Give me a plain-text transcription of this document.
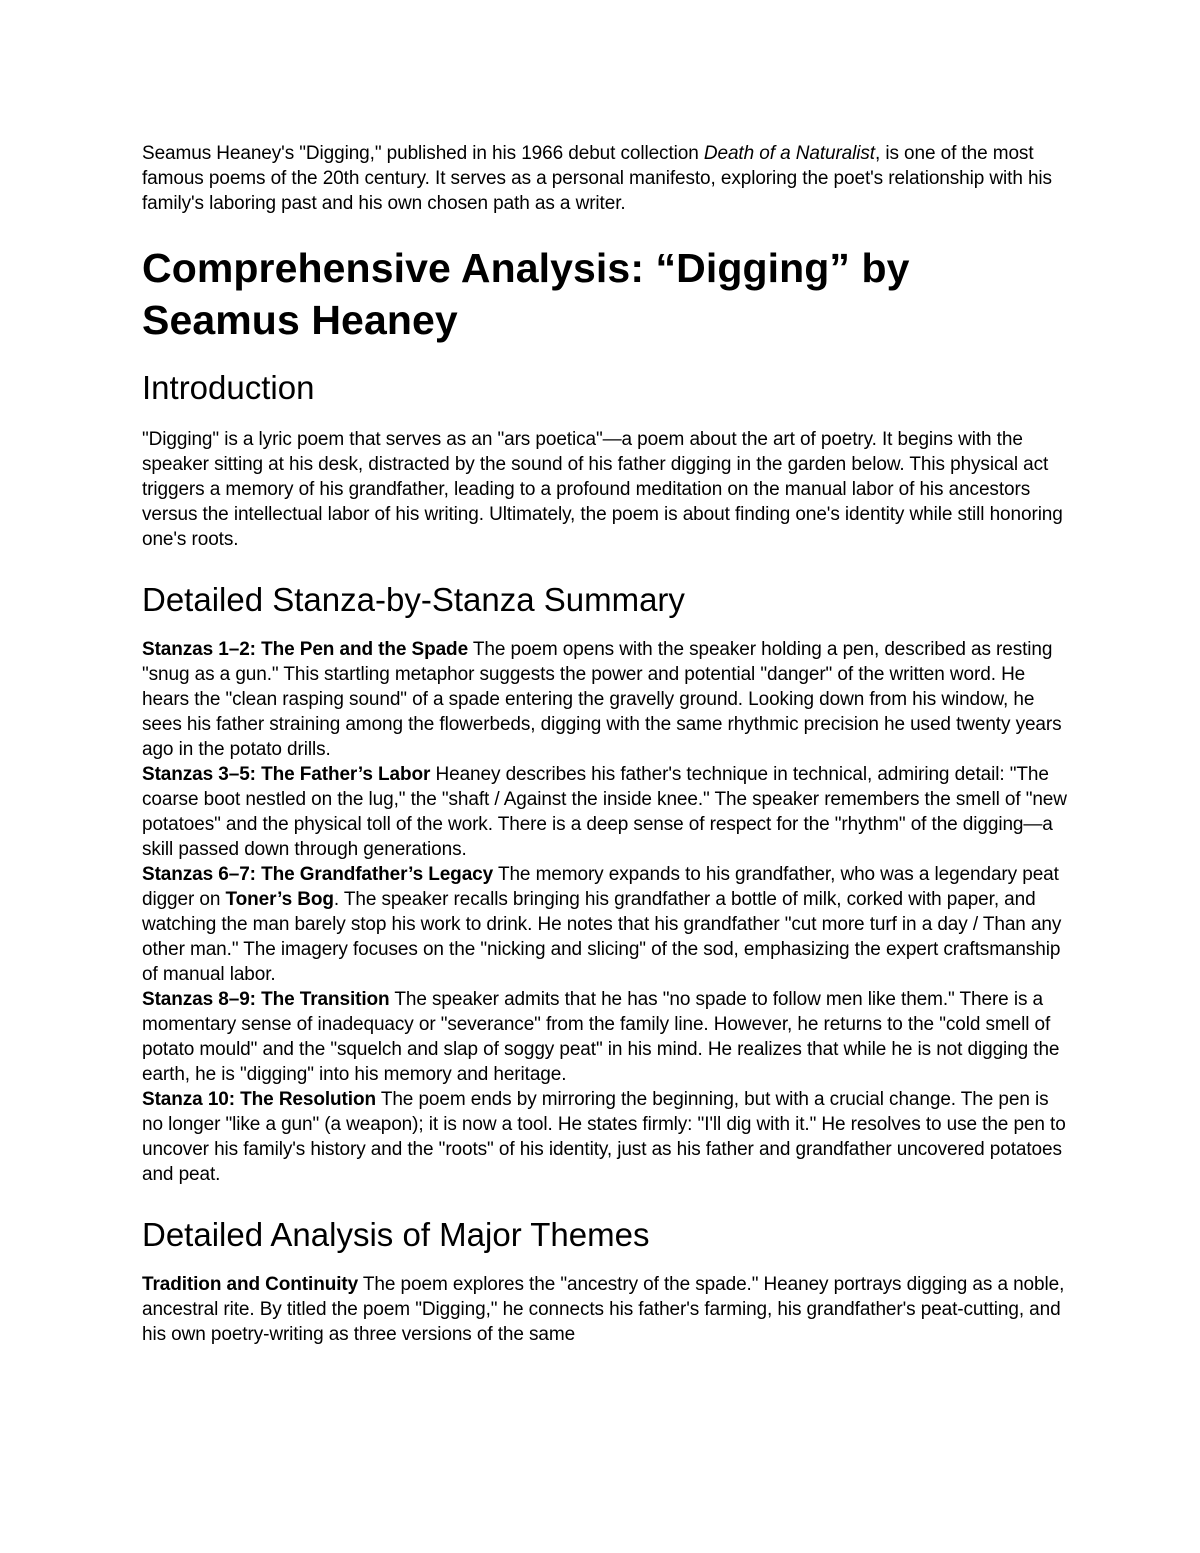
Seamus Heaney's "Digging," published in his 1966 debut collection Death of a Naturalist, is one of the most famous poems of the 20th century. It serves as a personal manifesto, exploring the poet's relationship with his family's laboring past and his own chosen path as a writer.

Comprehensive Analysis: “Digging” by Seamus Heaney
Introduction

"Digging" is a lyric poem that serves as an "ars poetica"—a poem about the art of poetry. It begins with the speaker sitting at his desk, distracted by the sound of his father digging in the garden below. This physical act triggers a memory of his grandfather, leading to a profound meditation on the manual labor of his ancestors versus the intellectual labor of his writing. Ultimately, the poem is about finding one's identity while still honoring one's roots.

Detailed Stanza-by-Stanza Summary

Stanzas 1–2: The Pen and the Spade The poem opens with the speaker holding a pen, described as resting "snug as a gun." This startling metaphor suggests the power and potential "danger" of the written word. He hears the "clean rasping sound" of a spade entering the gravelly ground. Looking down from his window, he sees his father straining among the flowerbeds, digging with the same rhythmic precision he used twenty years ago in the potato drills.

Stanzas 3–5: The Father’s Labor Heaney describes his father's technique in technical, admiring detail: "The coarse boot nestled on the lug," the "shaft / Against the inside knee." The speaker remembers the smell of "new potatoes" and the physical toll of the work. There is a deep sense of respect for the "rhythm" of the digging—a skill passed down through generations.

Stanzas 6–7: The Grandfather’s Legacy The memory expands to his grandfather, who was a legendary peat digger on Toner’s Bog. The speaker recalls bringing his grandfather a bottle of milk, corked with paper, and watching the man barely stop his work to drink. He notes that his grandfather "cut more turf in a day / Than any other man." The imagery focuses on the "nicking and slicing" of the sod, emphasizing the expert craftsmanship of manual labor.

Stanzas 8–9: The Transition The speaker admits that he has "no spade to follow men like them." There is a momentary sense of inadequacy or "severance" from the family line. However, he returns to the "cold smell of potato mould" and the "squelch and slap of soggy peat" in his mind. He realizes that while he is not digging the earth, he is "digging" into his memory and heritage.

Stanza 10: The Resolution The poem ends by mirroring the beginning, but with a crucial change. The pen is no longer "like a gun" (a weapon); it is now a tool. He states firmly: "I'll dig with it." He resolves to use the pen to uncover his family's history and the "roots" of his identity, just as his father and grandfather uncovered potatoes and peat.

Detailed Analysis of Major Themes

Tradition and Continuity The poem explores the "ancestry of the spade." Heaney portrays digging as a noble, ancestral rite. By titled the poem "Digging," he connects his father's farming, his grandfather's peat-cutting, and his own poetry-writing as three versions of the same
